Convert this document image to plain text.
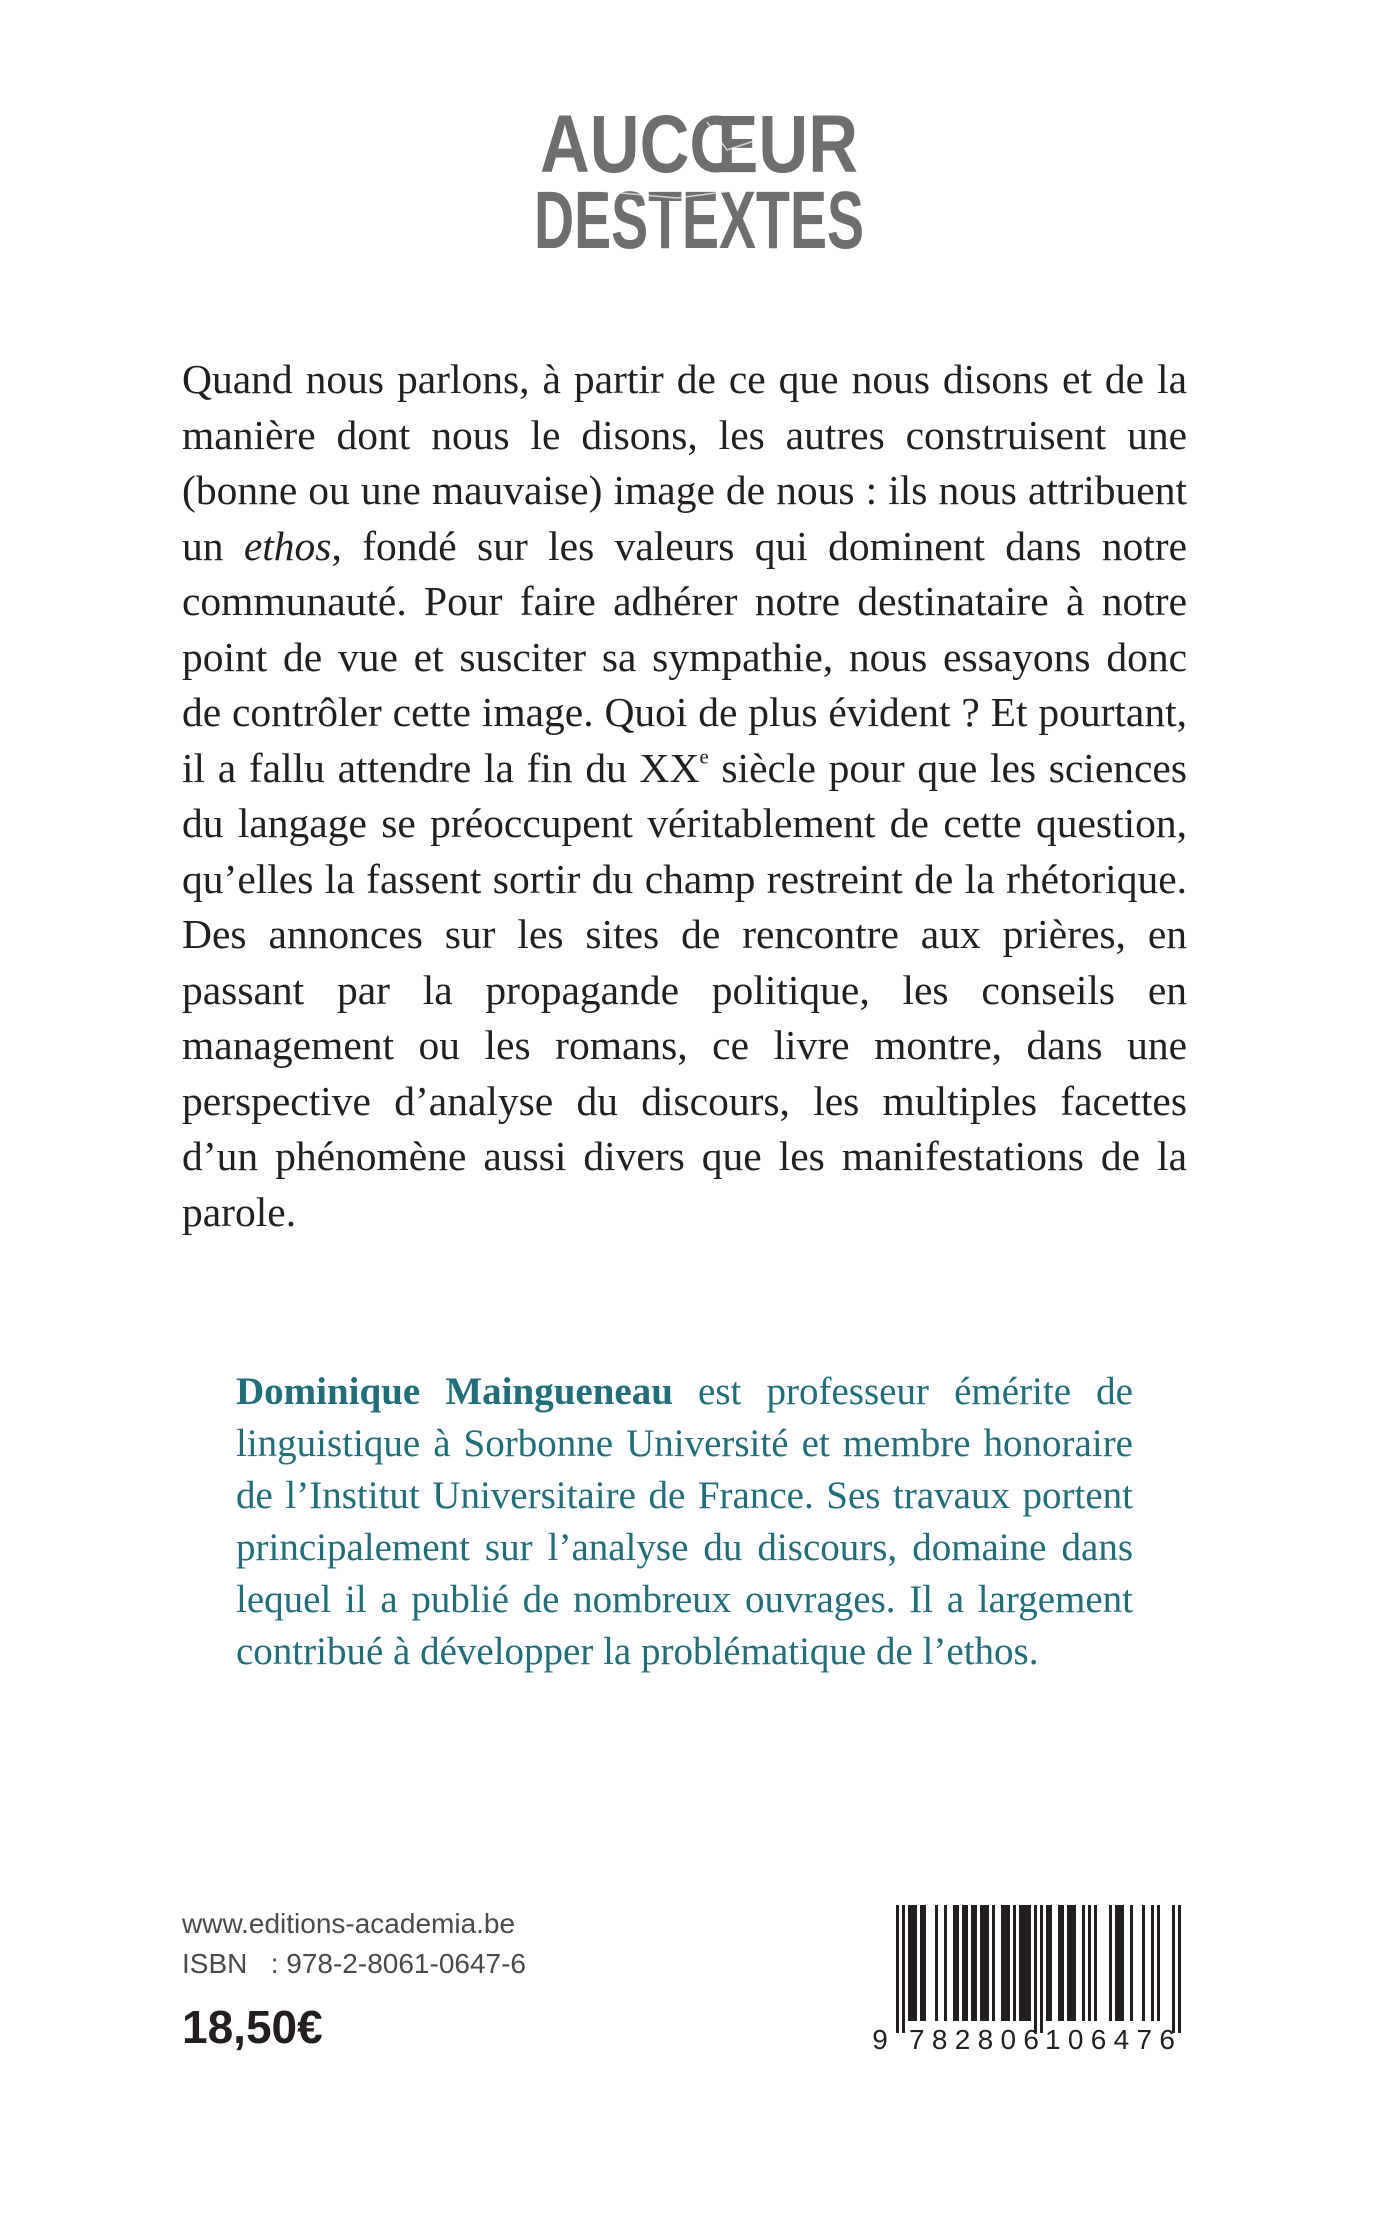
AUCŒUR
DESTEXTES

Quand nous parlons, à partir de ce que nous disons et de la manière dont nous le disons, les autres construisent une (bonne ou une mauvaise) image de nous : ils nous attribuent un ethos, fondé sur les valeurs qui dominent dans notre communauté. Pour faire adhérer notre destinataire à notre point de vue et susciter sa sympathie, nous essayons donc de contrôler cette image. Quoi de plus évident ? Et pourtant, il a fallu attendre la fin du XXe siècle pour que les sciences du langage se préoccupent véritablement de cette question, qu’elles la fassent sortir du champ restreint de la rhétorique. Des annonces sur les sites de rencontre aux prières, en passant par la propagande politique, les conseils en management ou les romans, ce livre montre, dans une perspective d’analyse du discours, les multiples facettes d’un phénomène aussi divers que les manifestations de la parole.

Dominique Maingueneau est professeur émérite de linguistique à Sorbonne Université et membre honoraire de l’Institut Universitaire de France. Ses travaux portent principalement sur l’analyse du discours, domaine dans lequel il a publié de nombreux ouvrages. Il a largement contribué à développer la problématique de l’ethos.

www.editions-academia.be
ISBN : 978-2-8061-0647-6
18,50€	9 782806 106476
